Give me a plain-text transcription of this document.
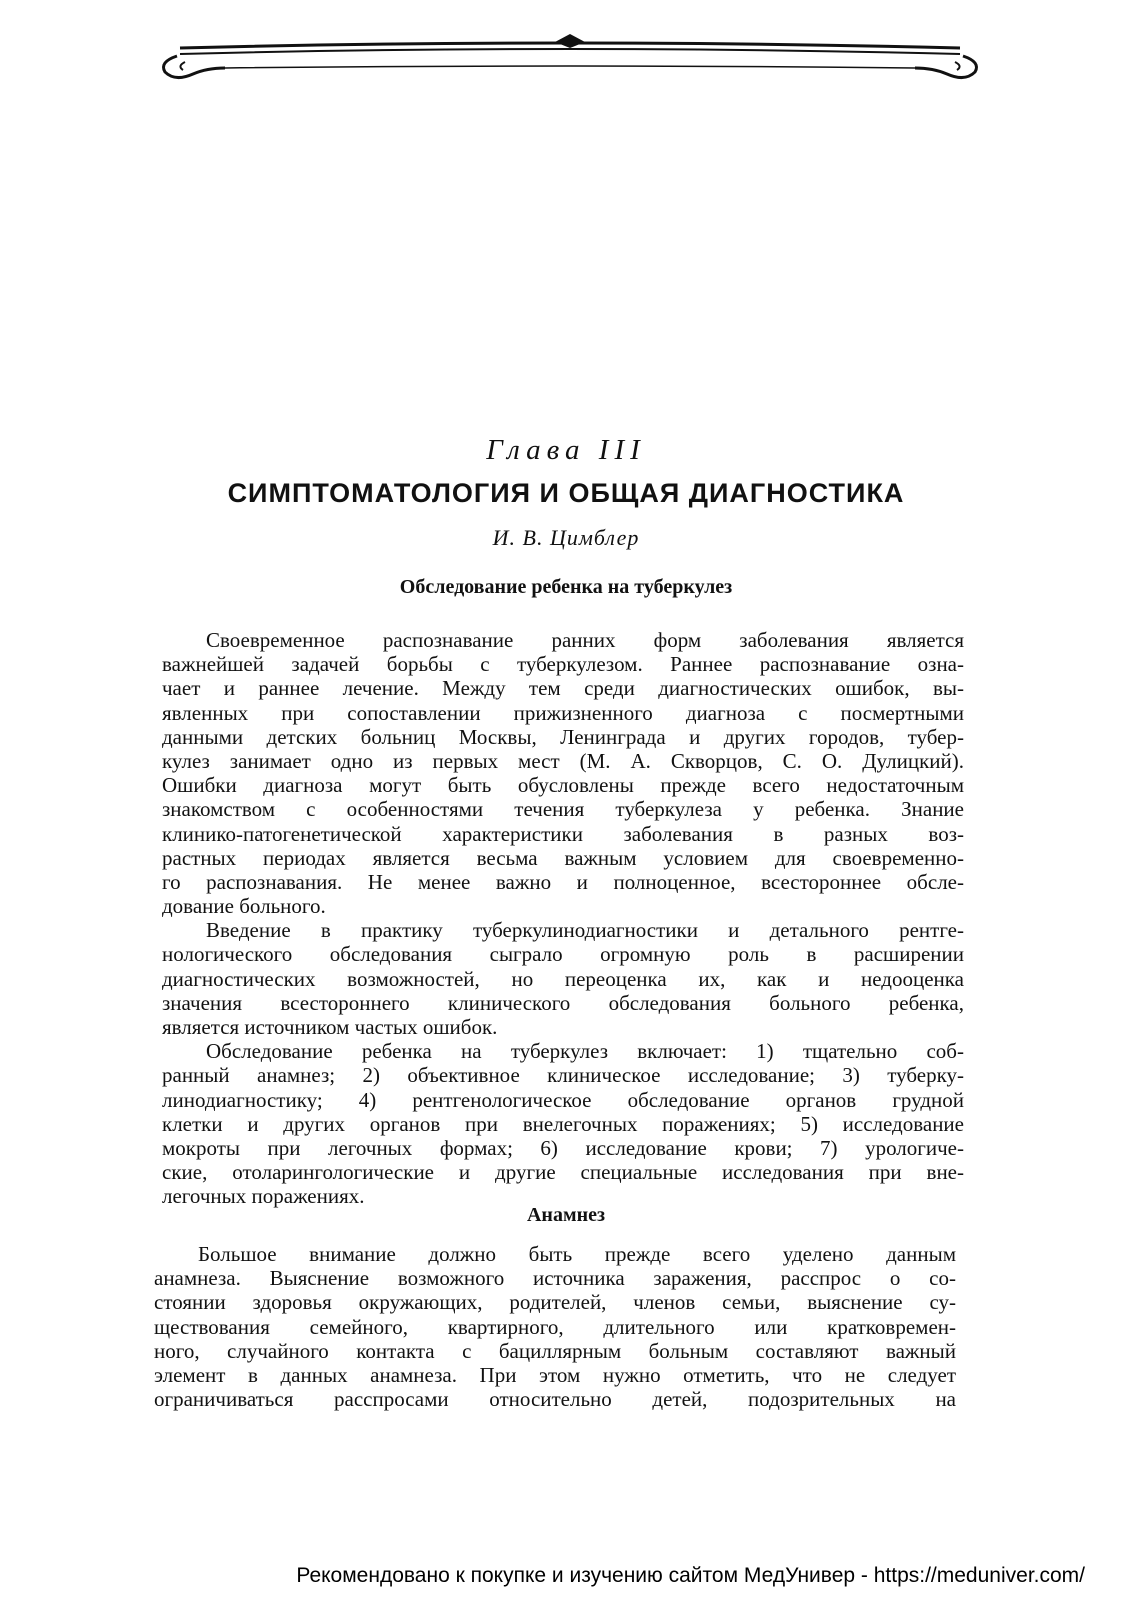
Глава III
СИМПТОМАТОЛОГИЯ И ОБЩАЯ ДИАГНОСТИКА
И. В. Цимблер
Обследование ребенка на туберкулез
Своевременное распознавание ранних форм заболевания является
важнейшей задачей борьбы с туберкулезом. Раннее распознавание озна-
чает и раннее лечение. Между тем среди диагностических ошибок, вы-
явленных при сопоставлении прижизненного диагноза с посмертными
данными детских больниц Москвы, Ленинграда и других городов, тубер-
кулез занимает одно из первых мест (М. А. Скворцов, С. О. Дулицкий).
Ошибки диагноза могут быть обусловлены прежде всего недостаточным
знакомством с особенностями течения туберкулеза у ребенка. Знание
клинико-патогенетической характеристики заболевания в разных воз-
растных периодах является весьма важным условием для своевременно-
го распознавания. Не менее важно и полноценное, всестороннее обсле-
дование больного.
Введение в практику туберкулинодиагностики и детального рентге-
нологического обследования сыграло огромную роль в расширении
диагностических возможностей, но переоценка их, как и недооценка
значения всестороннего клинического обследования больного ребенка,
является источником частых ошибок.
Обследование ребенка на туберкулез включает: 1) тщательно соб-
ранный анамнез; 2) объективное клиническое исследование; 3) туберку-
линодиагностику; 4) рентгенологическое обследование органов грудной
клетки и других органов при внелегочных поражениях; 5) исследование
мокроты при легочных формах; 6) исследование крови; 7) урологиче-
ские, отоларингологические и другие специальные исследования при вне-
легочных поражениях.
Анамнез
Большое внимание должно быть прежде всего уделено данным
анамнеза. Выяснение возможного источника заражения, расспрос о со-
стоянии здоровья окружающих, родителей, членов семьи, выяснение су-
ществования семейного, квартирного, длительного или кратковремен-
ного, случайного контакта с бациллярным больным составляют важный
элемент в данных анамнеза. При этом нужно отметить, что не следует
ограничиваться расспросами относительно детей, подозрительных на
Рекомендовано к покупке и изучению сайтом МедУнивер - https://meduniver.com/
